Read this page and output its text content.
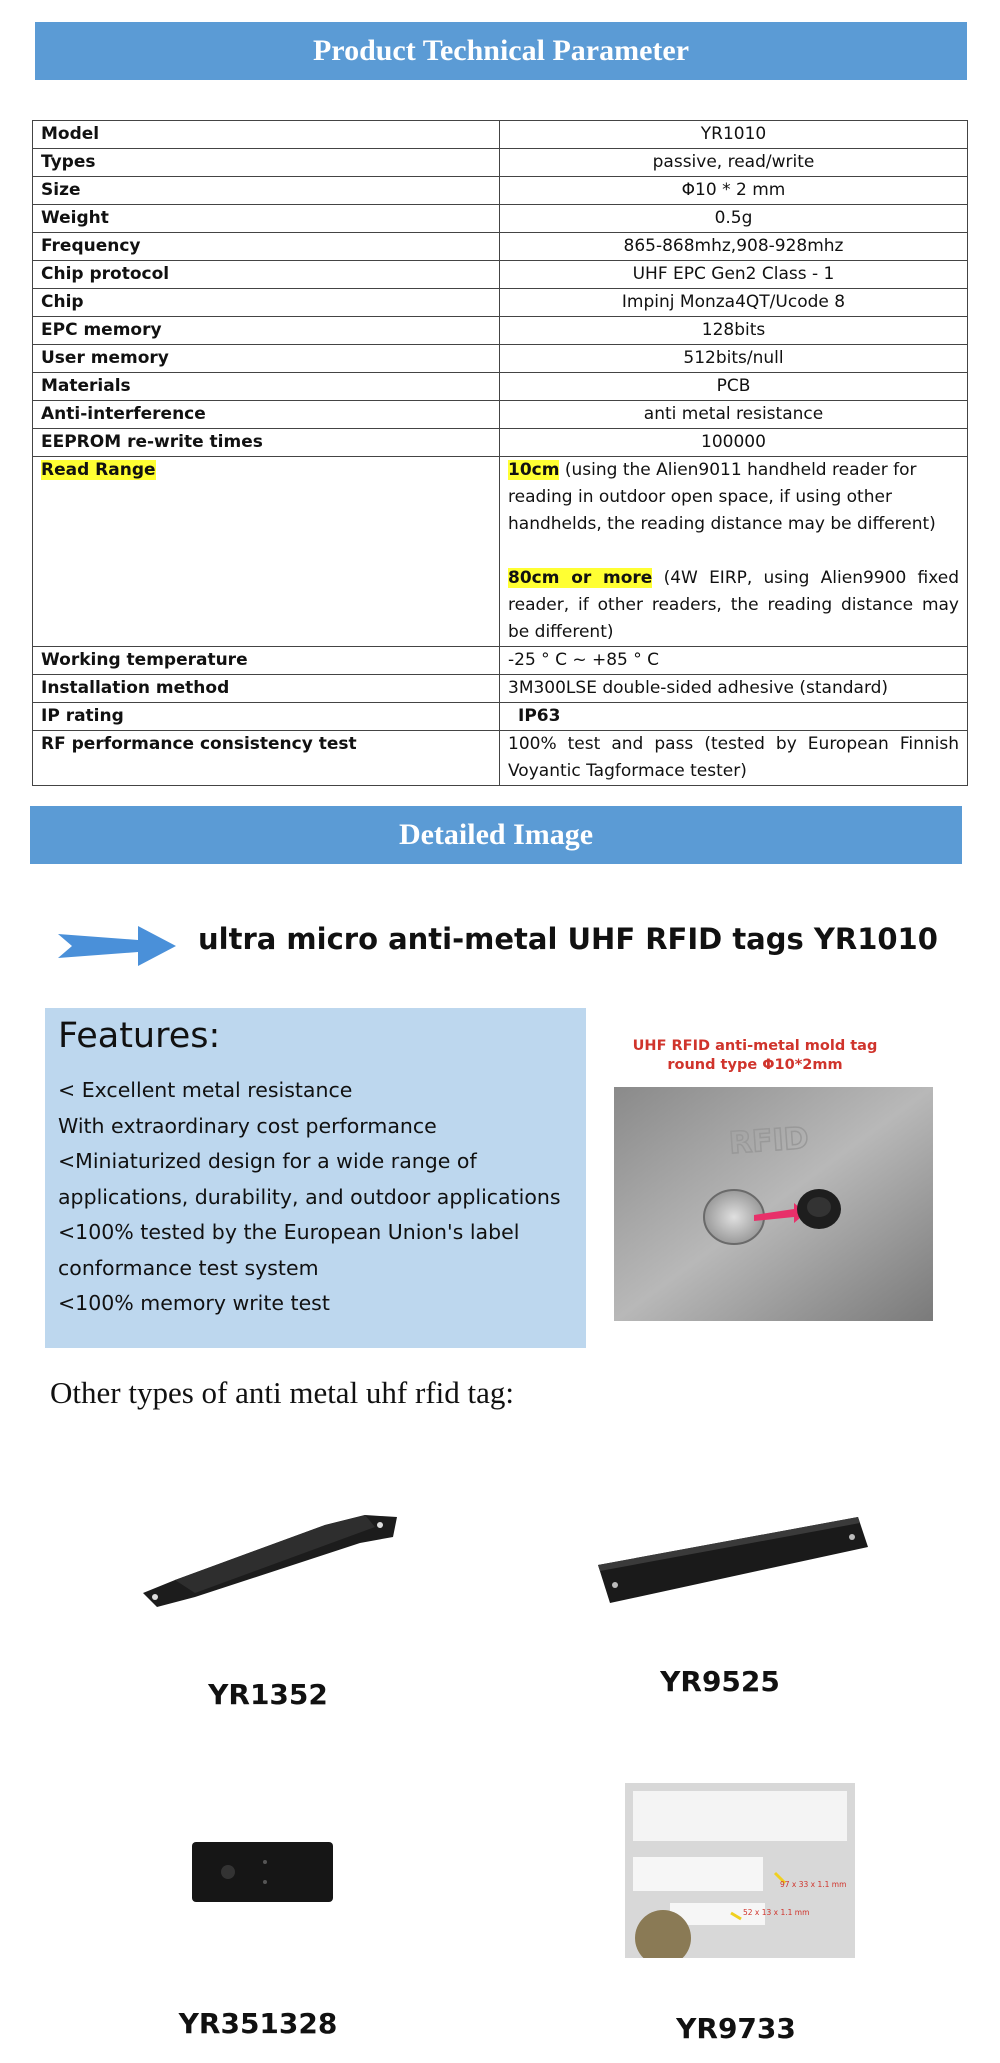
Product Technical Parameter
Model	YR1010
Types	passive, read/write
Size	Φ10 * 2 mm
Weight	0.5g
Frequency	865-868mhz,908-928mhz
Chip protocol	UHF EPC Gen2 Class - 1
Chip	Impinj Monza4QT/Ucode 8
EPC memory	128bits
User memory	512bits/null
Materials	PCB
Anti-interference	anti metal resistance
EEPROM re-write times	100000
Read Range	10cm (using the Alien9011 handheld reader for reading in outdoor open space, if using other handhelds, the reading distance may be different)
80cm or more (4W EIRP, using Alien9900 fixed reader, if other readers, the reading distance may be different)

Working temperature	-25 ° C ~ +85 ° C
Installation method	3M300LSE double-sided adhesive (standard)
IP rating	IP63
RF performance consistency test	100% test and pass (tested by European Finnish Voyantic Tagformace tester)
Detailed Image
ultra micro anti-metal UHF RFID tags YR1010
Features:
< Excellent metal resistance
With extraordinary cost performance
<Miniaturized design for a wide range of applications, durability, and outdoor applications
<100% tested by the European Union's label conformance test system
<100% memory write test
UHF RFID anti-metal mold tag
round type Φ10*2mm
RFID
Other types of anti metal uhf rfid tag:
YR1352	YR9525
YR351328
97 x 33 x 1.1 mm
52 x 13 x 1.1 mm
YR9733
